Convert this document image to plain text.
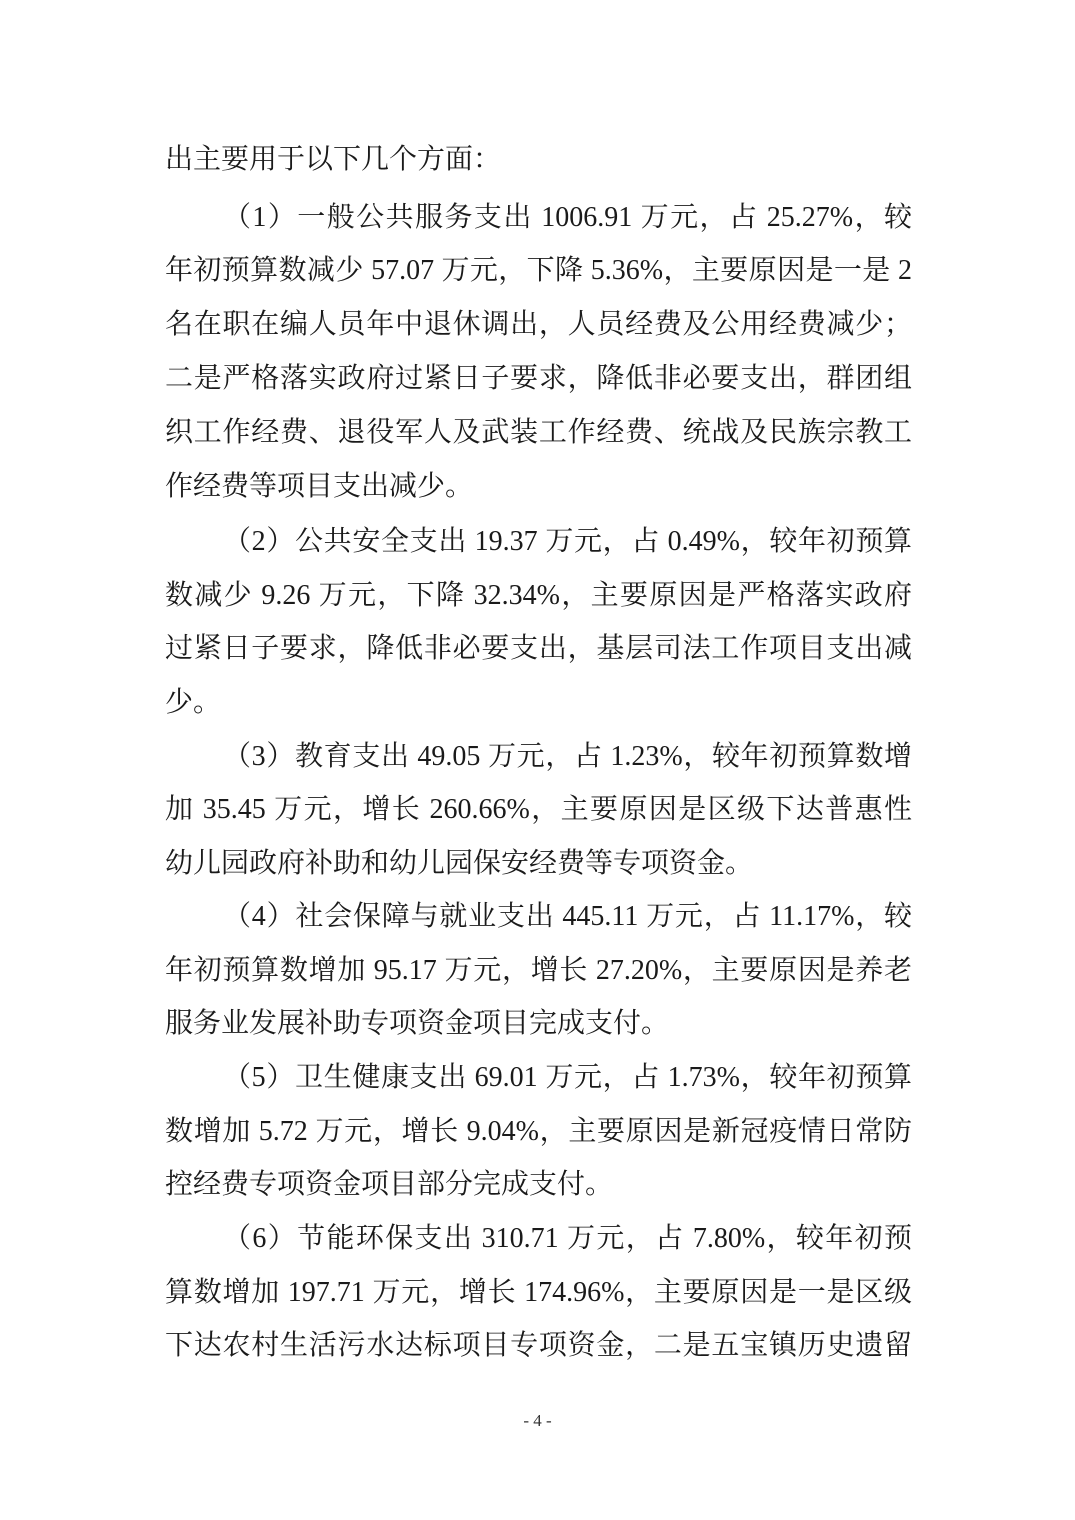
出主要用于以下几个方面：
（1）一般公共服务支出 1006.91 万元，占 25.27%，较
年初预算数减少 57.07 万元，下降 5.36%，主要原因是一是 2
名在职在编人员年中退休调出，人员经费及公用经费减少；
二是严格落实政府过紧日子要求，降低非必要支出，群团组
织工作经费、退役军人及武装工作经费、统战及民族宗教工
作经费等项目支出减少。
（2）公共安全支出 19.37 万元，占 0.49%，较年初预算
数减少 9.26 万元，下降 32.34%，主要原因是严格落实政府
过紧日子要求，降低非必要支出，基层司法工作项目支出减
少。
（3）教育支出 49.05 万元，占 1.23%，较年初预算数增
加 35.45 万元，增长 260.66%，主要原因是区级下达普惠性
幼儿园政府补助和幼儿园保安经费等专项资金。
（4）社会保障与就业支出 445.11 万元，占 11.17%，较
年初预算数增加 95.17 万元，增长 27.20%，主要原因是养老
服务业发展补助专项资金项目完成支付。
（5）卫生健康支出 69.01 万元，占 1.73%，较年初预算
数增加 5.72 万元，增长 9.04%，主要原因是新冠疫情日常防
控经费专项资金项目部分完成支付。
（6）节能环保支出 310.71 万元，占 7.80%，较年初预
算数增加 197.71 万元，增长 174.96%，主要原因是一是区级
下达农村生活污水达标项目专项资金，二是五宝镇历史遗留
- 4 -
